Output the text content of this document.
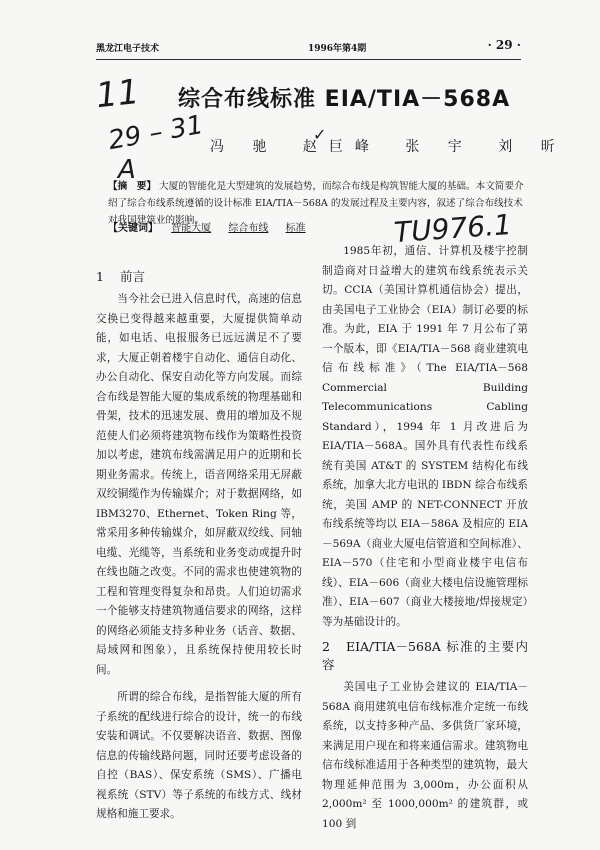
黑龙江电子技术	1996年第4期	· 29 ·
11
29 – 31
A
TU976.1
✓
综合布线标准 EIA/TIA－568A
冯 驰 赵巨峰 张 宇 刘 昕
【摘　要】 大厦的智能化是大型建筑的发展趋势，而综合布线是构筑智能大厦的基础。本文简要介绍了综合布线系统遵循的设计标准 EIA/TIA－568A 的发展过程及主要内容，叙述了综合布线技术对我国建筑业的影响。
【关键词】 智能大厦 综合布线 标准
1 前言

当今社会已进入信息时代，高速的信息交换已变得越来越重要，大厦提供简单动能，如电话、电报服务已远远满足不了要求，大厦正朝着楼宇自动化、通信自动化、办公自动化、保安自动化等方向发展。而综合布线是智能大厦的集成系统的物理基础和骨架，技术的迅速发展、费用的增加及不规范使人们必须将建筑物布线作为策略性投资加以考虑，建筑布线需满足用户的近期和长期业务需求。传统上，语音网络采用无屏蔽双绞铜缆作为传输媒介；对于数据网络，如 IBM3270、Ethernet、Token Ring 等，常采用多种传输媒介，如屏蔽双绞线、同轴电缆、光缆等，当系统和业务变动或提升时在线也随之改变。不同的需求也使建筑物的工程和管理变得复杂和昂贵。人们迫切需求一个能够支持建筑物通信要求的网络，这样的网络必须能支持多种业务（话音、数据、局域网和图象），且系统保持使用较长时间。

所谓的综合布线，是指智能大厦的所有子系统的配线进行综合的设计，统一的布线安装和调试。不仅要解决语音、数据、图像信息的传输线路问题，同时还要考虑设备的自控（BAS）、保安系统（SMS）、广播电视系统（STV）等子系统的布线方式、线材规格和施工要求。

1985年初，通信、计算机及楼宇控制制造商对日益增大的建筑布线系统表示关切。CCIA（美国计算机通信协会）提出，由美国电子工业协会（EIA）制订必要的标准。为此，EIA 于 1991 年 7 月公布了第一个版本，即《EIA/TIA－568 商业建筑电信布线标准》（The EIA/TIA－568 Commercial Building Telecommunications Cabling Standard），1994 年 1 月改进后为 EIA/TIA－568A。国外具有代表性布线系统有美国 AT&T 的 SYSTEM 结构化布线系统，加拿大北方电讯的 IBDN 综合布线系统，美国 AMP 的 NET-CONNECT 开放布线系统等均以 EIA－586A 及相应的 EIA－569A（商业大厦电信管道和空间标准）、EIA－570（住宅和小型商业楼宇电信布线）、EIA－606（商业大楼电信设施管理标准）、EIA－607（商业大楼接地/焊接规定）等为基础设计的。

2 EIA/TIA－568A 标准的主要内容

美国电子工业协会建议的 EIA/TIA－568A 商用建筑电信布线标准介定统一布线系统，以支持多种产品、多供货厂家环境，来满足用户现在和将来通信需求。建筑物电信布线标准适用于各种类型的建筑物，最大物理延伸范围为 3,000m，办公面积从 2,000m² 至 1000,000m² 的建筑群，或 100 到
